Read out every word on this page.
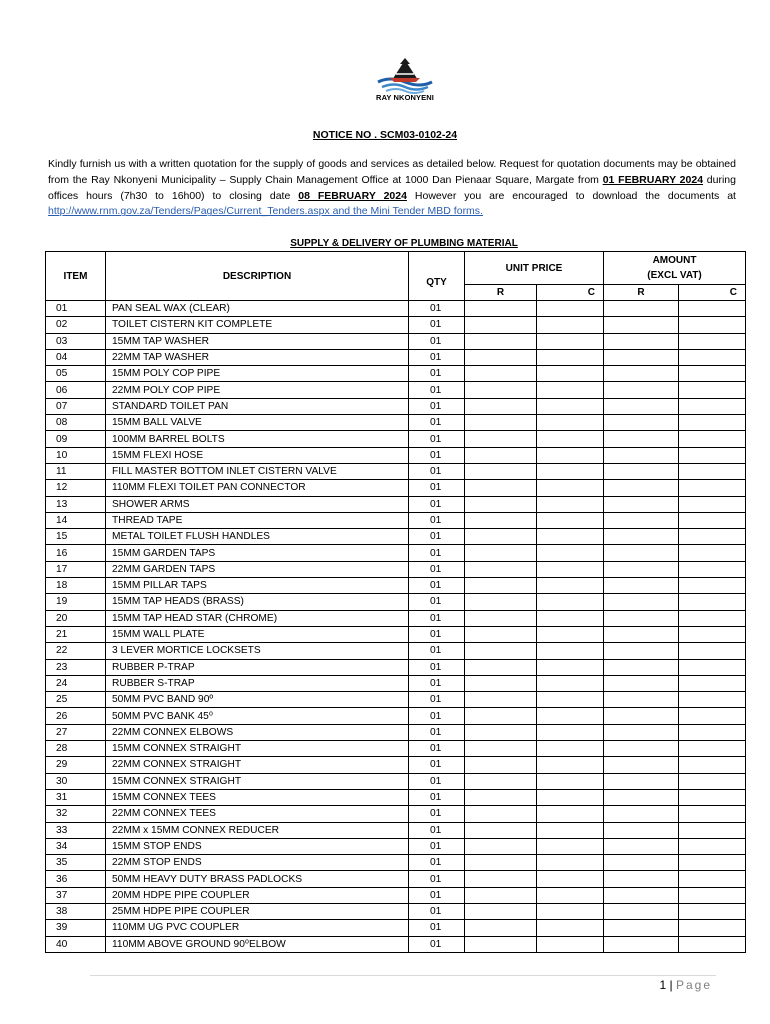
RAY NKONYENI
NOTICE NO . SCM03-0102-24
Kindly furnish us with a written quotation for the supply of goods and services as detailed below. Request for quotation documents may be obtained from the Ray Nkonyeni Municipality – Supply Chain Management Office at 1000 Dan Pienaar Square, Margate from 01 FEBRUARY 2024 during offices hours (7h30 to 16h00) to closing date 08 FEBRUARY 2024 However you are encouraged to download the documents at http://www.rnm.gov.za/Tenders/Pages/Current_Tenders.aspx and the Mini Tender MBD forms.
SUPPLY & DELIVERY OF PLUMBING MATERIAL
ITEM	DESCRIPTION	QTY	UNIT PRICE		AMOUNT
(EXCL VAT)	

			R	C	R	C
01	PAN SEAL WAX (CLEAR)	01				
02	TOILET CISTERN KIT COMPLETE	01				
03	15MM TAP WASHER	01				
04	22MM TAP WASHER	01				
05	15MM POLY COP PIPE	01				
06	22MM POLY COP PIPE	01				
07	STANDARD TOILET PAN	01				
08	15MM BALL VALVE	01				
09	100MM BARREL BOLTS	01				
10	15MM FLEXI HOSE	01				
11	FILL MASTER BOTTOM INLET CISTERN VALVE	01				
12	110MM FLEXI TOILET PAN CONNECTOR	01				
13	SHOWER ARMS	01				
14	THREAD TAPE	01				
15	METAL TOILET FLUSH HANDLES	01				
16	15MM GARDEN TAPS	01				
17	22MM GARDEN TAPS	01				
18	15MM PILLAR TAPS	01				
19	15MM TAP HEADS (BRASS)	01				
20	15MM TAP HEAD STAR (CHROME)	01				
21	15MM WALL PLATE	01				
22	3 LEVER MORTICE LOCKSETS	01				
23	RUBBER P-TRAP	01				
24	RUBBER S-TRAP	01				
25	50MM PVC BAND 90º	01				
26	50MM PVC BANK 45⁰	01				
27	22MM CONNEX ELBOWS	01				
28	15MM CONNEX STRAIGHT	01				
29	22MM CONNEX STRAIGHT	01				
30	15MM CONNEX STRAIGHT	01				
31	15MM CONNEX TEES	01				
32	22MM CONNEX TEES	01				
33	22MM x 15MM CONNEX REDUCER	01				
34	15MM STOP ENDS	01				
35	22MM STOP ENDS	01				
36	50MM HEAVY DUTY BRASS PADLOCKS	01				
37	20MM HDPE PIPE COUPLER	01				
38	25MM HDPE PIPE COUPLER	01				
39	110MM UG PVC COUPLER	01				
40	110MM ABOVE GROUND 90⁰ELBOW	01				
1 | Page
